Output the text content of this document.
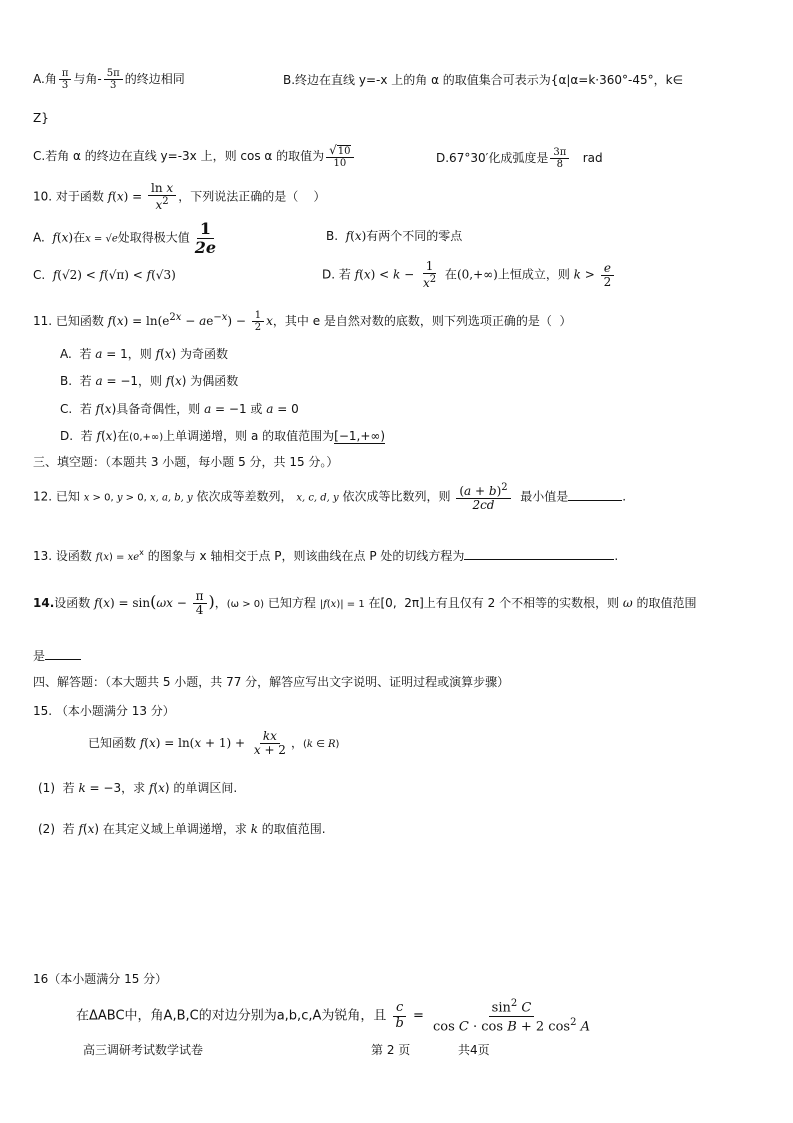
A.角 $\frac{\pi}{3}$ 与角- $\frac{5\pi}{3}$ 的终边相同	B.终边在直线 y=-x 上的角 α 的取值集合可表示为{α|α=k·360°-45°，k∈
Z}
C.若角 α 的终边在直线 y=-3x 上，则 cos α 的取值为 $\frac{√10}{10}$	D.67°30′化成弧度是 $\frac{3\pi}{8}$ rad
10. 对于函数 $f(x) = \frac{\text{ln x}}{x^2}$ ，下列说法正确的是（    ）
A.  f(x)在x = √e处取得极大值 $\frac{1}{2e}$	B.  f(x)有两个不同的零点
C.  f(√2) < f(√π) < f(√3)	D. 若 $f(x) < k - \frac{1}{x^2}$ 在(0,+∞)上恒成立，则 $k > \frac{e}{2}$
11. 已知函数 $f(x) = \ln(e^{2x} - ae^{-x}) - \frac{1}{2}$ x，其中 e 是自然对数的底数，则下列选项正确的是（  ）
A.  若 a = 1，则 f(x) 为奇函数
B.  若 a = −1，则 f(x) 为偶函数
C.  若 f(x)具备奇偶性，则 a = −1 或 a = 0
D.  若 f(x)在(0,+∞)上单调递增，则 a 的取值范围为[−1,+∞)
三、填空题：（本题共 3 小题，每小题 5 分，共 15 分。）
12. 已知 x > 0, y > 0, x, a, b, y 依次成等差数列， x, c, d, y 依次成等比数列，则 $\frac{(a + b)^2}{2cd}$ 最小值是	.
13. 设函数 $f(x) = xe^x$ 的图象与 x 轴相交于点 P，则该曲线在点 P 处的切线方程为	.
14.设函数 $f(x) = \sin(\omega x - \frac{\pi}{4}$ )，(ω > 0) 已知方程 |f(x)| = 1 在[0,  2π]上有且仅有 2 个不相等的实数根，则 ω 的取值范围
是
四、解答题：（本大题共 5 小题，共 77 分，解答应写出文字说明、证明过程或演算步骤）
15. （本小题满分 13 分）
已知函数 $f(x) = \ln(x + 1) + \frac{kx}{x + 2}$ ，(k ∈ R)
(1)  若 k = −3，求 f(x) 的单调区间.
(2)  若 f(x) 在其定义域上单调递增，求 k 的取值范围.
16（本小题满分 15 分）
在ΔABC中，角A,B,C的对边分别为a,b,c,A为锐角，且 $\frac{c}{b} = \frac{\sin^2 C}{\cos C \cdot \cos B + 2 \cos^2 A}$
高三调研考试数学试卷	第 2 页	共4页
